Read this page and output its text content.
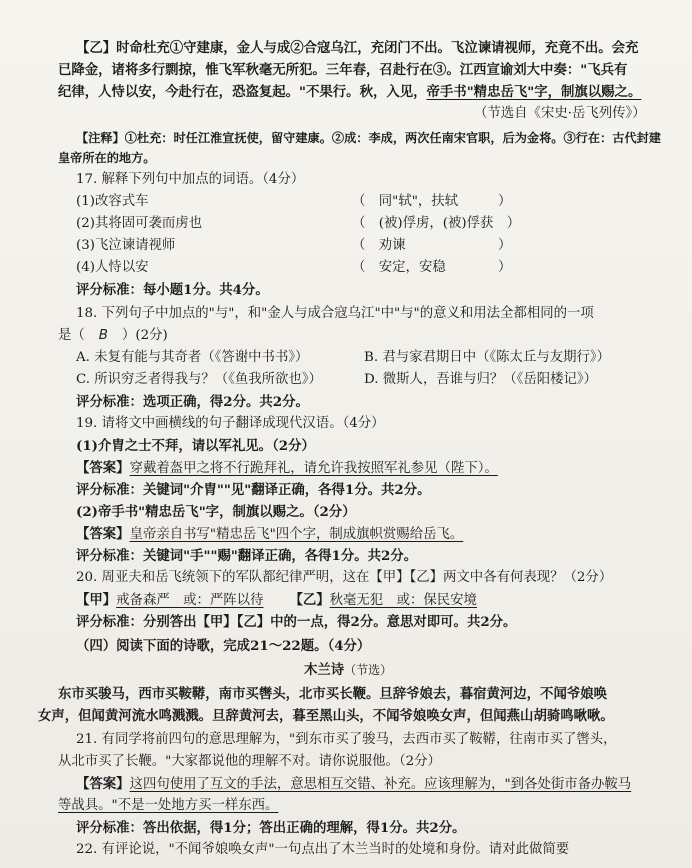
【乙】时命杜充①守建康，金人与成②合寇乌江，充闭门不出。飞泣谏请视师，充竟不出。会充
已降金，诸将多行剽掠，惟飞军秋毫无所犯。三年春，召赴行在③。江西宣谕刘大中奏："飞兵有
纪律，人恃以安，今赴行在，恐盗复起。"不果行。秋，入见，帝手书"精忠岳飞"字，制旗以赐之。
（节选自《宋史·岳飞列传》）
【注释】①杜充：时任江淮宣抚使，留守建康。②成：李成，两次任南宋官职，后为金将。③行在：古代封建
皇帝所在的地方。
17. 解释下列句中加点的词语。（4分）
(1)改容式车	（　同"轼"，扶轼	）
(2)其将固可袭而虏也	（　(被)俘虏，(被)俘获　）
(3)飞泣谏请视师	（　劝谏	）
(4)人恃以安	（　安定，安稳	）
评分标准：每小题1分。共4分。
18. 下列句子中加点的"与"，和"金人与成合寇乌江"中"与"的意义和用法全都相同的一项
是（ B ）(2分)
A. 未复有能与其奇者（《答谢中书书》）	B. 君与家君期日中（《陈太丘与友期行》）
C. 所识穷乏者得我与？（《鱼我所欲也》）	D. 微斯人，吾谁与归？（《岳阳楼记》）
评分标准：选项正确，得2分。共2分。
19. 请将文中画横线的句子翻译成现代汉语。（4分）
(1)介胄之士不拜，请以军礼见。（2分）
【答案】穿戴着盔甲之将不行跪拜礼，请允许我按照军礼参见（陛下）。
评分标准：关键词"介胄""见"翻译正确，各得1分。共2分。
(2)帝手书"精忠岳飞"字，制旗以赐之。（2分）
【答案】皇帝亲自书写"精忠岳飞"四个字，制成旗帜赏赐给岳飞。
评分标准：关键词"手""赐"翻译正确，各得1分。共2分。
20. 周亚夫和岳飞统领下的军队都纪律严明，这在【甲】【乙】两文中各有何表现？（2分）
【甲】戒备森严　或：严阵以待 【乙】秋毫无犯　或：保民安境
评分标准：分别答出【甲】【乙】中的一点，得2分。意思对即可。共2分。
（四）阅读下面的诗歌，完成21～22题。（4分）
木兰诗（节选）
东市买骏马，西市买鞍鞯，南市买辔头，北市买长鞭。旦辞爷娘去，暮宿黄河边，不闻爷娘唤
女声，但闻黄河流水鸣溅溅。旦辞黄河去，暮至黑山头，不闻爷娘唤女声，但闻燕山胡骑鸣啾啾。
21. 有同学将前四句的意思理解为，"到东市买了骏马，去西市买了鞍鞯，往南市买了辔头，
从北市买了长鞭。"大家都说他的理解不对。请你说服他。（2分）
【答案】这四句使用了互文的手法，意思相互交错、补充。应该理解为，"到各处街市备办鞍马
等战具。"不是一处地方买一样东西。
评分标准：答出依据，得1分；答出正确的理解，得1分。共2分。
22. 有评论说，"不闻爷娘唤女声"一句点出了木兰当时的处境和身份。请对此做简要
